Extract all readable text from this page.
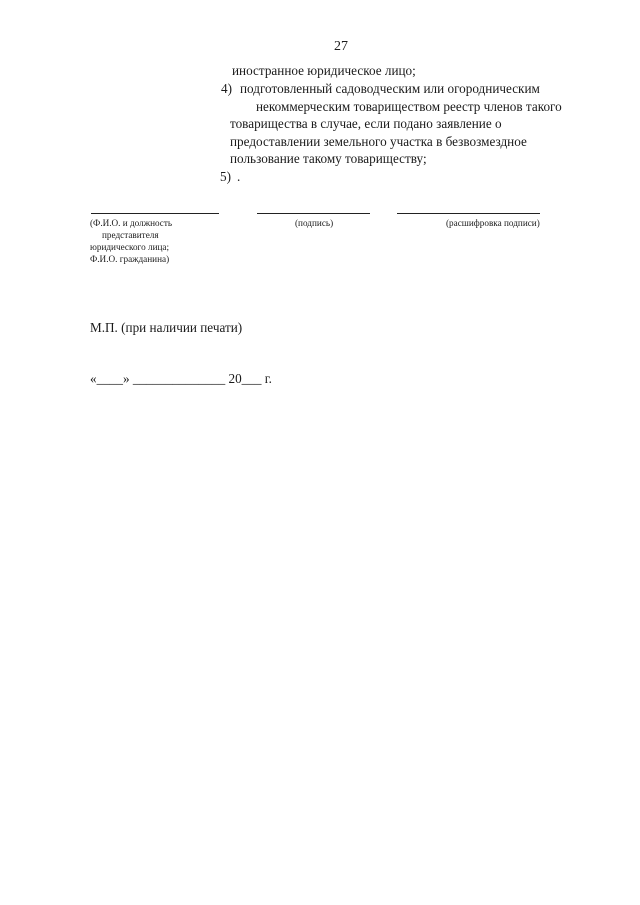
27
иностранное юридическое лицо;
4) подготовленный садоводческим или огородническим
некоммерческим товариществом реестр членов такого
товарищества в случае, если подано заявление о
предоставлении земельного участка в безвозмездное
пользование такому товариществу;
5) .
(Ф.И.О. и должность
представителя
юридического лица;
Ф.И.О. гражданина)
(подпись)	(расшифровка подписи)
М.П. (при наличии печати)
«____» ______________ 20___ г.
